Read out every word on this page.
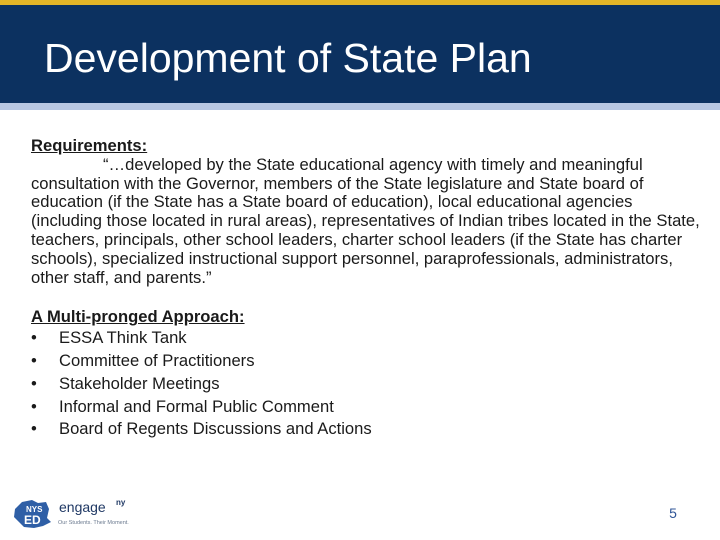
Development of State Plan
Requirements:

“…developed by the State educational agency with timely and meaningful consultation with the Governor, members of the State legislature and State board of education (if the State has a State board of education), local educational agencies (including those located in rural areas), representatives of Indian tribes located in the State, teachers, principals, other school leaders, charter school leaders (if the State has charter schools), specialized instructional support personnel, paraprofessionals, administrators, other staff, and parents.”

A Multi-pronged Approach:
• ESSA Think Tank
• Committee of Practitioners
• Stakeholder Meetings
• Informal and Formal Public Comment
• Board of Regents Discussions and Actions
NYS
ED
engage ny
Our Students. Their Moment.
5
